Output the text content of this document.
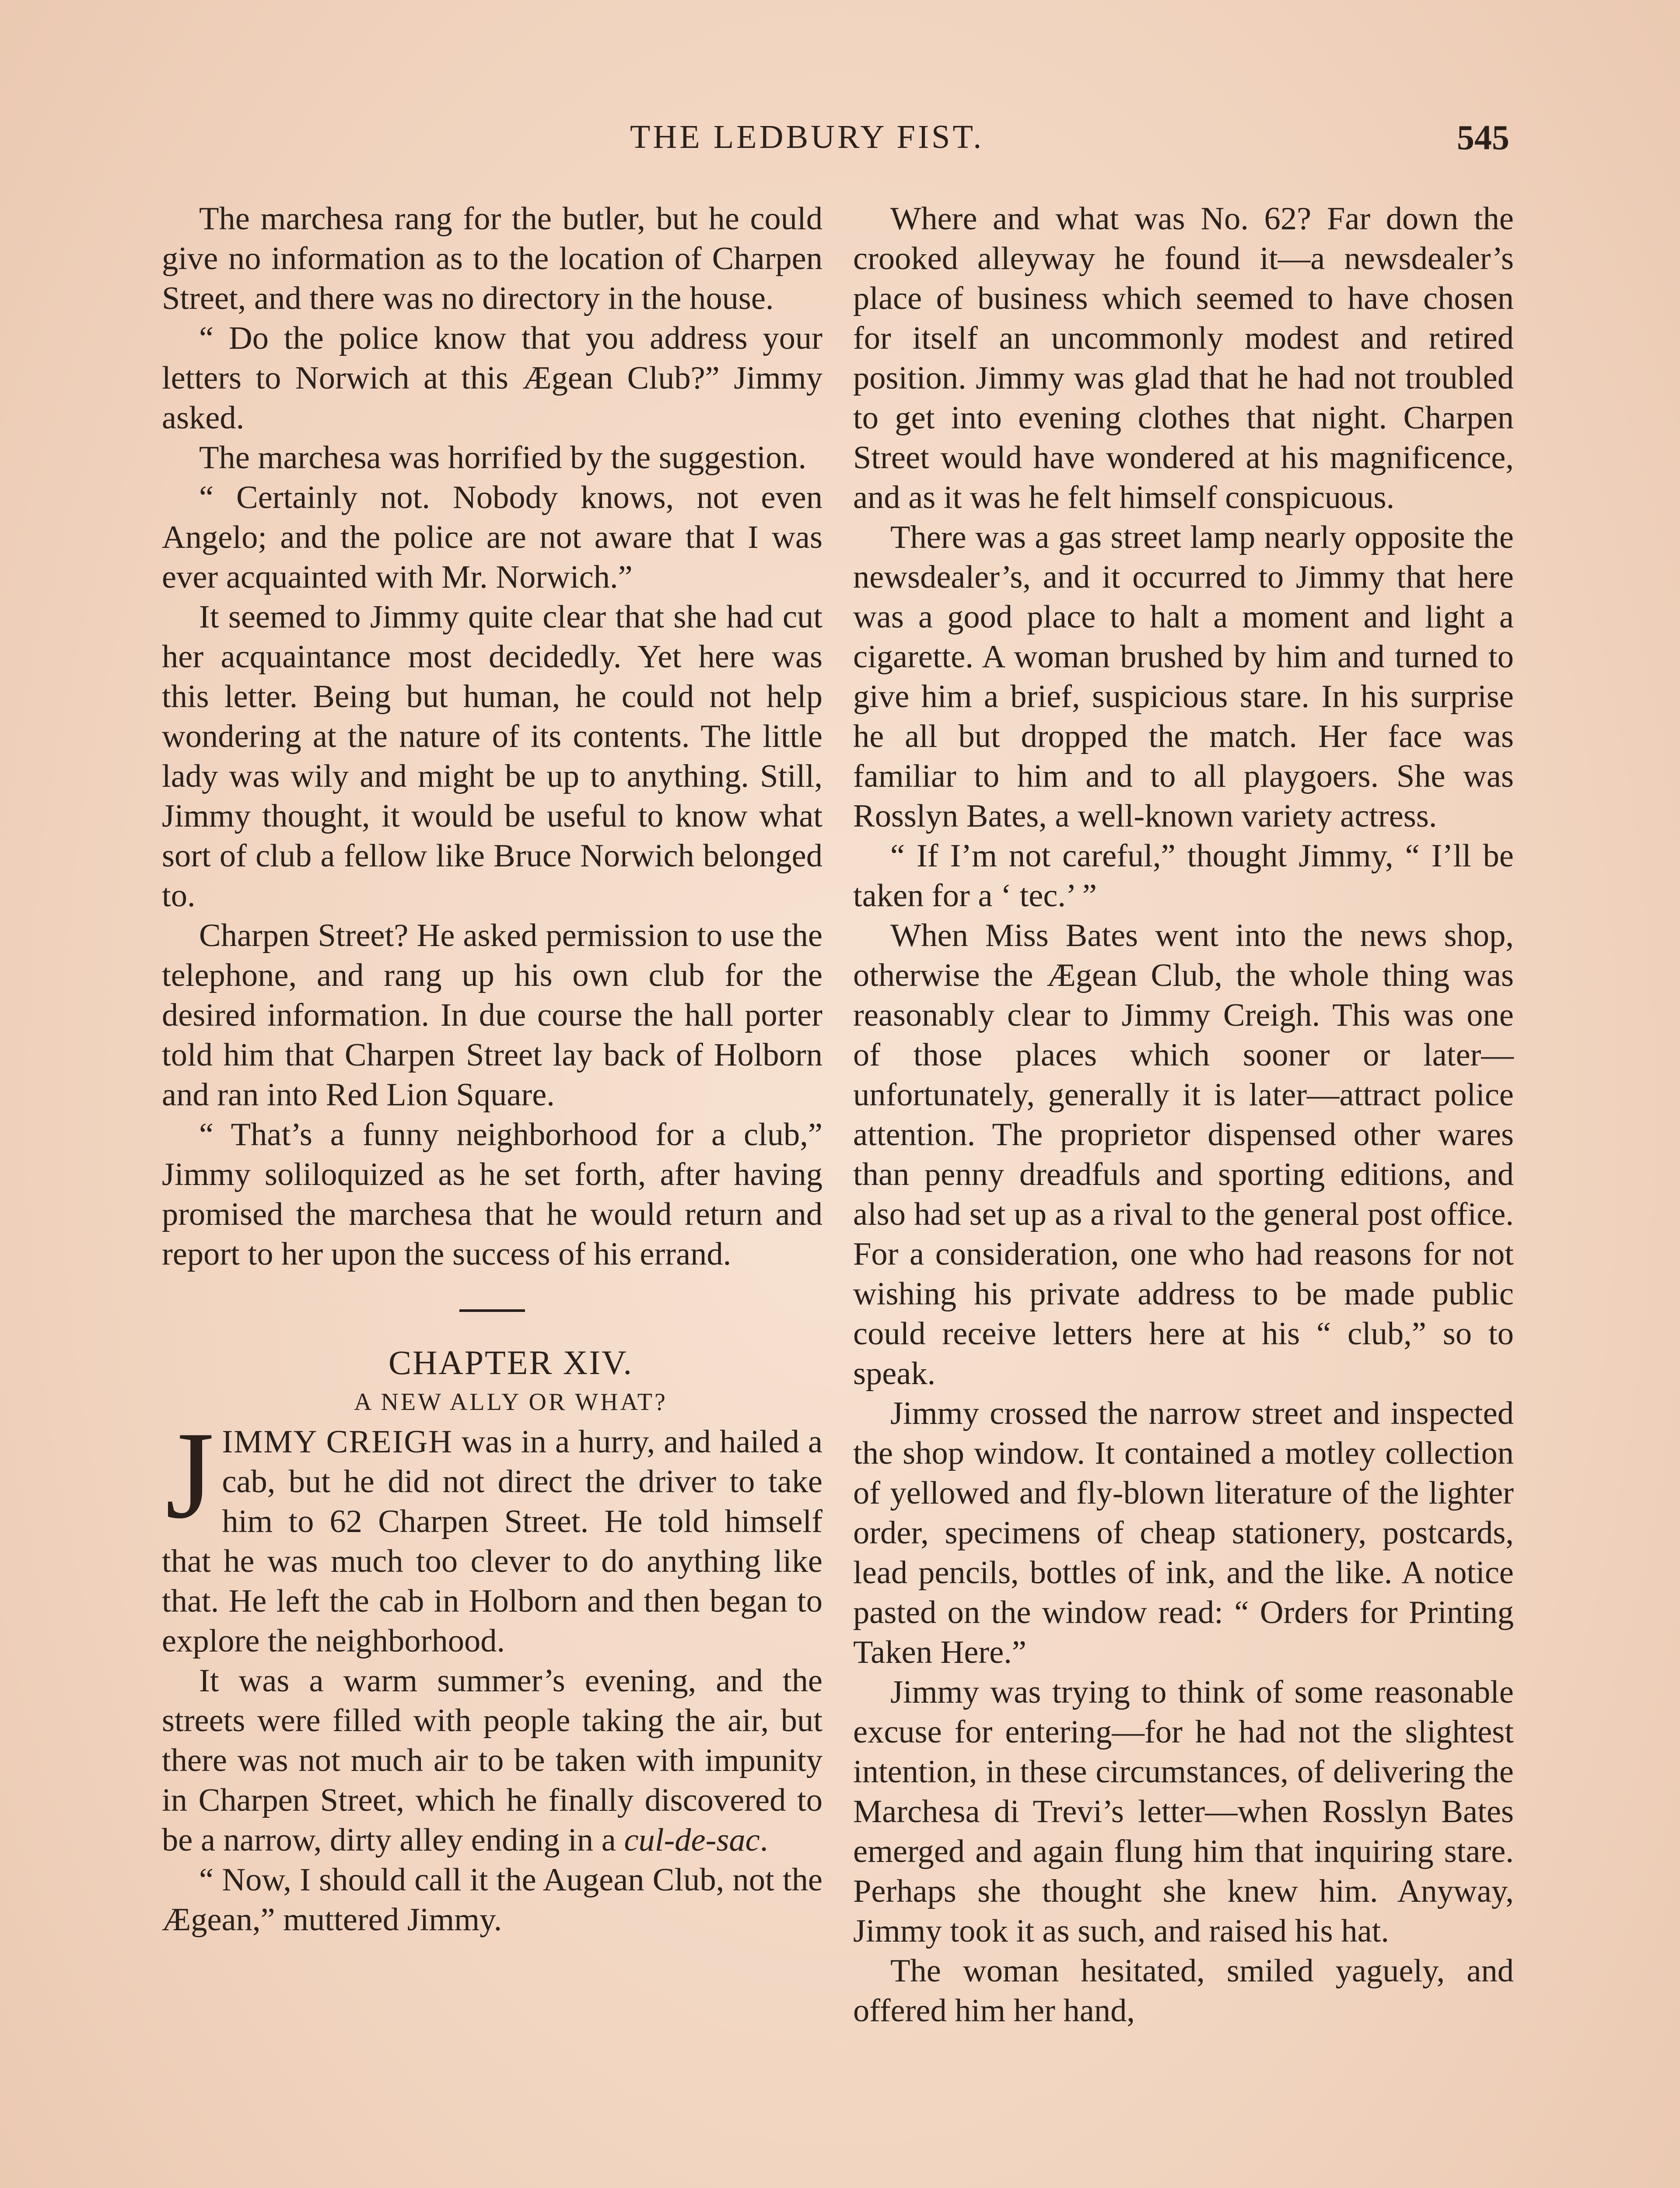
THE LEDBURY FIST.	545

The marchesa rang for the butler, but he could give no information as to the location of Charpen Street, and there was no directory in the house.

“ Do the police know that you address your letters to Norwich at this Ægean Club?” Jimmy asked.

The marchesa was horrified by the suggestion.

“ Certainly not. Nobody knows, not even Angelo; and the police are not aware that I was ever acquainted with Mr. Norwich.”

It seemed to Jimmy quite clear that she had cut her acquaintance most decidedly. Yet here was this letter. Being but human, he could not help wondering at the nature of its contents. The little lady was wily and might be up to anything. Still, Jimmy thought, it would be useful to know what sort of club a fellow like Bruce Norwich belonged to.

Charpen Street? He asked permission to use the telephone, and rang up his own club for the desired information. In due course the hall porter told him that Charpen Street lay back of Holborn and ran into Red Lion Square.

“ That’s a funny neighborhood for a club,” Jimmy soliloquized as he set forth, after having promised the marchesa that he would return and report to her upon the success of his errand.

CHAPTER XIV.

A NEW ALLY OR WHAT?

JIMMY CREIGH was in a hurry, and hailed a cab, but he did not direct the driver to take him to 62 Charpen Street. He told himself that he was much too clever to do anything like that. He left the cab in Holborn and then began to explore the neighborhood.

It was a warm summer’s evening, and the streets were filled with people taking the air, but there was not much air to be taken with impunity in Charpen Street, which he finally discovered to be a narrow, dirty alley ending in a cul-de-sac.

“ Now, I should call it the Augean Club, not the Ægean,” muttered Jimmy.

Where and what was No. 62? Far down the crooked alleyway he found it—a newsdealer’s place of business which seemed to have chosen for itself an uncommonly modest and retired position. Jimmy was glad that he had not troubled to get into evening clothes that night. Charpen Street would have wondered at his magnificence, and as it was he felt himself conspicuous.

There was a gas street lamp nearly opposite the newsdealer’s, and it occurred to Jimmy that here was a good place to halt a moment and light a cigarette. A woman brushed by him and turned to give him a brief, suspicious stare. In his surprise he all but dropped the match. Her face was familiar to him and to all playgoers. She was Rosslyn Bates, a well-known variety actress.

“ If I’m not careful,” thought Jimmy, “ I’ll be taken for a ‘ tec.’ ”

When Miss Bates went into the news shop, otherwise the Ægean Club, the whole thing was reasonably clear to Jimmy Creigh. This was one of those places which sooner or later—unfortunately, generally it is later—attract police attention. The proprietor dispensed other wares than penny dreadfuls and sporting editions, and also had set up as a rival to the general post office. For a consideration, one who had reasons for not wishing his private address to be made public could receive letters here at his “ club,” so to speak.

Jimmy crossed the narrow street and inspected the shop window. It contained a motley collection of yellowed and fly-blown literature of the lighter order, specimens of cheap stationery, postcards, lead pencils, bottles of ink, and the like. A notice pasted on the window read: “ Orders for Printing Taken Here.”

Jimmy was trying to think of some reasonable excuse for entering—for he had not the slightest intention, in these circumstances, of delivering the Marchesa di Trevi’s letter—when Rosslyn Bates emerged and again flung him that inquiring stare. Perhaps she thought she knew him. Anyway, Jimmy took it as such, and raised his hat.

The woman hesitated, smiled yaguely, and offered him her hand,
